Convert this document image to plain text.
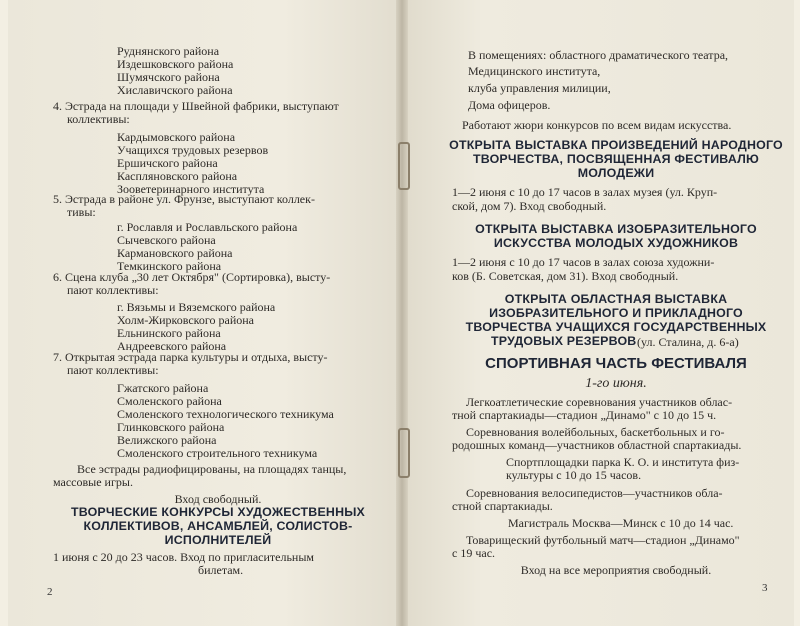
Руднянского района
Издешковского района
Шумячского района
Хиславичского района
4. Эстрада на площади у Швейной фабрики, выступают
коллективы:
Кардымовского района
Учащихся трудовых резервов
Ершичского района
Каспляновского района
Зооветеринарного института
5. Эстрада в районе ул. Фрунзе, выступают коллек-
тивы:
г. Рославля и Рославльского района
Сычевского района
Кармановского района
Темкинского района
6. Сцена клуба „30 лет Октября" (Сортировка), высту-
пают коллективы:
г. Вязьмы и Вяземского района
Холм-Жирковского района
Ельнинского района
Андреевского района
7. Открытая эстрада парка культуры и отдыха, высту-
пают коллективы:
Гжатского района
Смоленского района
Смоленского технологического техникума
Глинковского района
Велижского района
Смоленского строительного техникума
Все эстрады радиофицированы, на площадях танцы,
массовые игры.
Вход свободный.
ТВОРЧЕСКИЕ КОНКУРСЫ ХУДОЖЕСТВЕННЫХ
КОЛЛЕКТИВОВ, АНСАМБЛЕЙ, СОЛИСТОВ-
ИСПОЛНИТЕЛЕЙ
1 июня с 20 до 23 часов. Вход по пригласительным
билетам.
2
В помещениях: областного драматического театра,
Медицинского института,
клуба управления милиции,
Дома офицеров.
Работают жюри конкурсов по всем видам искусства.
ОТКРЫТА ВЫСТАВКА ПРОИЗВЕДЕНИЙ НАРОДНОГО
ТВОРЧЕСТВА, ПОСВЯЩЕННАЯ ФЕСТИВАЛЮ
МОЛОДЕЖИ
1—2 июня с 10 до 17 часов в залах музея (ул. Круп-
ской, дом 7). Вход свободный.
ОТКРЫТА ВЫСТАВКА ИЗОБРАЗИТЕЛЬНОГО
ИСКУССТВА МОЛОДЫХ ХУДОЖНИКОВ
1—2 июня с 10 до 17 часов в залах союза художни-
ков (Б. Советская, дом 31). Вход свободный.
ОТКРЫТА ОБЛАСТНАЯ ВЫСТАВКА
ИЗОБРАЗИТЕЛЬНОГО И ПРИКЛАДНОГО
ТВОРЧЕСТВА УЧАЩИХСЯ ГОСУДАРСТВЕННЫХ
ТРУДОВЫХ РЕЗЕРВОВ (ул. Сталина, д. 6-а)
СПОРТИВНАЯ ЧАСТЬ ФЕСТИВАЛЯ
1-го июня.
Легкоатлетические соревнования участников облас-
тной спартакиады—стадион „Динамо" с 10 до 15 ч.
Соревнования волейбольных, баскетбольных и го-
родошных команд—участников областной спартакиады.
Спортплощадки парка К. О. и института физ-
культуры с 10 до 15 часов.
Соревнования велосипедистов—участников обла-
стной спартакиады.
Магистраль Москва—Минск с 10 до 14 час.
Товарищеский футбольный матч—стадион „Динамо"
с 19 час.
Вход на все мероприятия свободный.
3
